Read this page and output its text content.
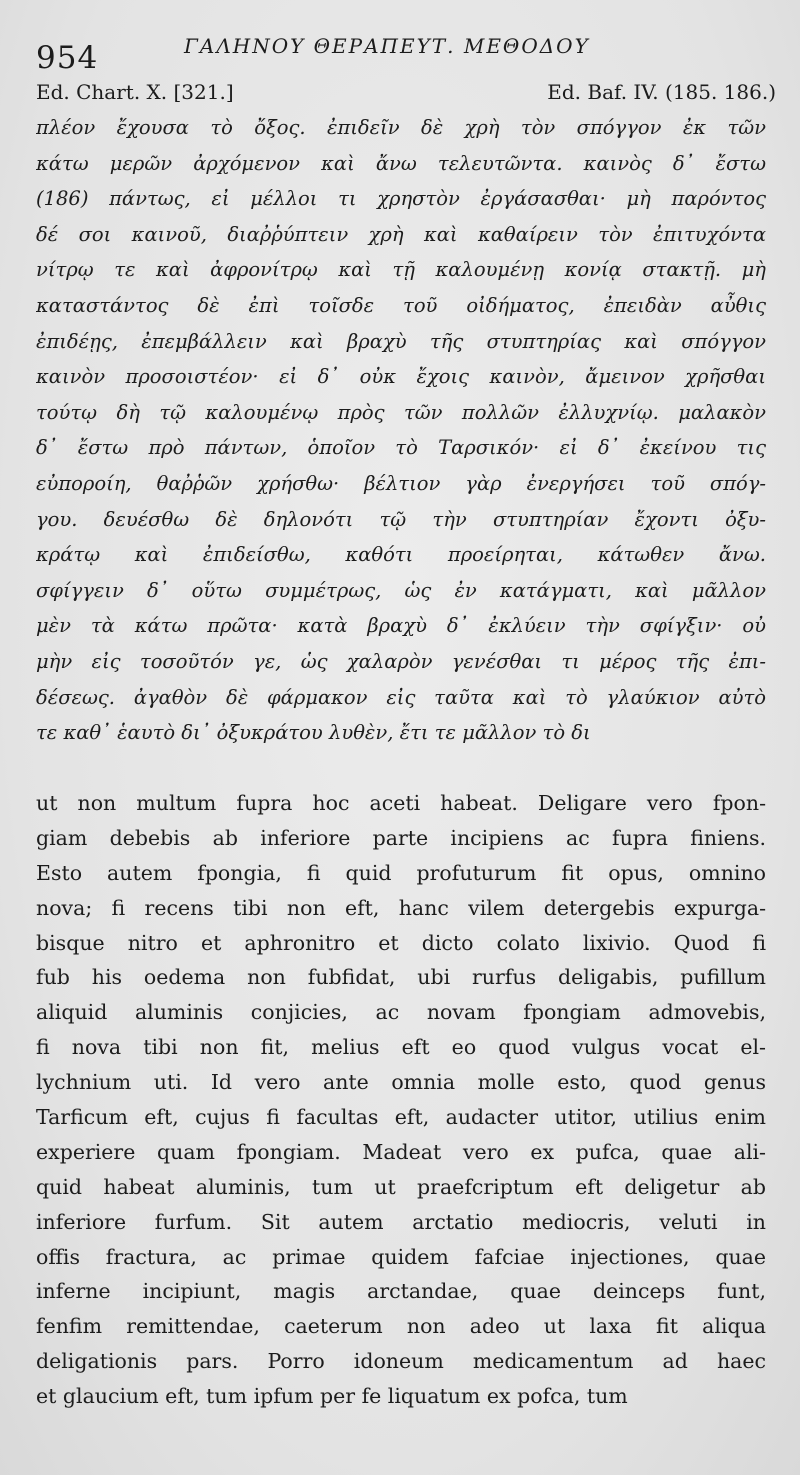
954	ΓΑΛΗΝΟΥ ΘΕΡΑΠΕΥΤ. ΜΕΘΟΔΟΥ
Ed. Chart. X. [321.]	Ed. Baf. IV. (185. 186.)
πλέον ἔχουσα τὸ ὄξος. ἐπιδεῖν δὲ χρὴ τὸν σπόγγον ἐκ τῶν
κάτω μερῶν ἀρχόμενον καὶ ἄνω τελευτῶντα. καινὸς δ᾽ ἔστω
(186) πάντως, εἰ μέλλοι τι χρηστὸν ἐργάσασθαι· μὴ παρόντος
δέ σοι καινοῦ, διαῤῥύπτειν χρὴ καὶ καθαίρειν τὸν ἐπιτυχόντα
νίτρῳ τε καὶ ἀφρονίτρῳ καὶ τῇ καλουμένῃ κονίᾳ στακτῇ. μὴ
καταστάντος δὲ ἐπὶ τοῖσδε τοῦ οἰδήματος, ἐπειδὰν αὖθις
ἐπιδέῃς, ἐπεμβάλλειν καὶ βραχὺ τῆς στυπτηρίας καὶ σπόγγον
καινὸν προσοιστέον· εἰ δ᾽ οὐκ ἔχοις καινὸν, ἄμεινον χρῆσθαι
τούτῳ δὴ τῷ καλουμένῳ πρὸς τῶν πολλῶν ἐλλυχνίῳ. μαλακὸν
δ᾽ ἔστω πρὸ πάντων, ὁποῖον τὸ Ταρσικόν· εἰ δ᾽ ἐκείνου τις
εὐποροίη, θαῤῥῶν χρήσθω· βέλτιον γὰρ ἐνεργήσει τοῦ σπόγ-
γου. δευέσθω δὲ δηλονότι τῷ τὴν στυπτηρίαν ἔχοντι ὀξυ-
κράτῳ καὶ ἐπιδείσθω, καθότι προείρηται, κάτωθεν ἄνω.
σφίγγειν δ᾽ οὕτω συμμέτρως, ὡς ἐν κατάγματι, καὶ μᾶλλον
μὲν τὰ κάτω πρῶτα· κατὰ βραχὺ δ᾽ ἐκλύειν τὴν σφίγξιν· οὐ
μὴν εἰς τοσοῦτόν γε, ὡς χαλαρὸν γενέσθαι τι μέρος τῆς ἐπι-
δέσεως. ἀγαθὸν δὲ φάρμακον εἰς ταῦτα καὶ τὸ γλαύκιον αὐτὸ
τε καθ᾽ ἑαυτὸ δι᾽ ὀξυκράτου λυθὲν, ἔτι τε μᾶλλον τὸ δι
ut non multum fupra hoc aceti habeat. Deligare vero fpon-
giam debebis ab inferiore parte incipiens ac fupra finiens.
Esto autem fpongia, fi quid profuturum fit opus, omnino
nova; fi recens tibi non eft, hanc vilem detergebis expurga-
bisque nitro et aphronitro et dicto colato lixivio. Quod fi
fub his oedema non fubfidat, ubi rurfus deligabis, pufillum
aliquid aluminis conjicies, ac novam fpongiam admovebis,
fi nova tibi non fit, melius eft eo quod vulgus vocat el-
lychnium uti. Id vero ante omnia molle esto, quod genus
Tarficum eft, cujus fi facultas eft, audacter utitor, utilius enim
experiere quam fpongiam. Madeat vero ex pufca, quae ali-
quid habeat aluminis, tum ut praefcriptum eft deligetur ab
inferiore furfum. Sit autem arctatio mediocris, veluti in
offis fractura, ac primae quidem fafciae injectiones, quae
inferne incipiunt, magis arctandae, quae deinceps funt,
fenfim remittendae, caeterum non adeo ut laxa fit aliqua
deligationis pars. Porro idoneum medicamentum ad haec
et glaucium eft, tum ipfum per fe liquatum ex pofca, tum
